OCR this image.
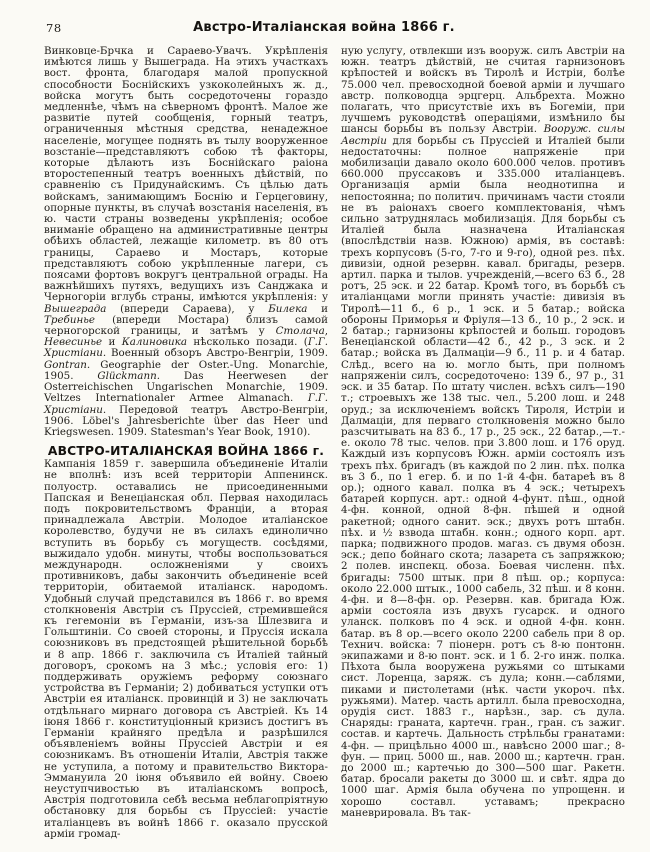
78	Австро-Италіанская война 1866 г.

Винковце-Брчка и Сараево-Увачъ. Укрѣпленія имѣются лишь у Вышеграда. На этихъ участкахъ вост. фронта, благодаря малой пропускной способности Боснійскихъ узкоколейныхъ ж. д., войска могутъ быть сосредоточены гораздо медленнѣе, чѣмъ на сѣверномъ фронтѣ. Малое же развитіе путей сообщенія, горный театръ, ограниченныя мѣстныя средства, ненадежное населеніе, могущее поднять въ тылу вооруженное возстаніе—представляютъ собою тѣ факторы, которые дѣлаютъ изъ Боснійскаго раіона второстепенный театръ военныхъ дѣйствій, по сравненію съ Придунайскимъ. Съ цѣлью дать войскамъ, занимающимъ Боснію и Герцеговину, опорные пункты, въ случаѣ возстанія населенія, въ ю. части страны возведены укрѣпленія; особое вниманіе обращено на административные центры обѣихъ областей, лежащіе километр. въ 80 отъ границы, Сараево и Мостаръ, которые представляютъ собою укрѣпленные лагери, съ поясами фортовъ вокругъ центральной ограды. На важнѣйшихъ путяхъ, ведущихъ изъ Санджака и Черногоріи вглубь страны, имѣются укрѣпленія: у Вышеграда (впереди Сараева), у Билека и Требинье (впереди Мостара) близъ самой черногорской границы, и затѣмъ у Столача, Невесинье и Калиновика нѣсколько позади. (Г.Г. Христіани. Военный обзоръ Австро-Венгріи, 1909. Gontran. Geographie der Oster.-Ung. Monarchie, 1905. Glückmann. Das Heerwesen der Osterreichischen Ungarischen Monarchie, 1909. Veltzes Internationaler Armee Almanach. Г.Г. Христіани. Передовой театръ Австро-Венгріи, 1906. Löbel's Jahresberichte über das Heer und Kriegswesen. 1909. Statesman's Year Book, 1910).

АВСТРО-ИТАЛІАНСКАЯ ВОЙНА 1866 г.

Кампанія 1859 г. завершила объединеніе Италіи не вполнѣ: изъ всей территоріи Аппенинск. полуостр. оставались не присоединенными Папская и Венеціанская обл. Первая находилась подъ покровительствомъ Франціи, а вторая принадлежала Австріи. Молодое италіанское королевство, будучи не въ силахъ единолично вступить въ борьбу съ могуществ. сосѣдями, выжидало удобн. минуты, чтобы воспользоваться международн. осложненіями у своихъ противниковъ, дабы закончить объединеніе всей территоріи, обитаемой италіанск. народомъ. Удобный случай представился въ 1866 г. во время столкновенія Австріи съ Пруссіей, стремившейся къ гегемоніи въ Германіи, изъ-за Шлезвига и Гольштиніи. Со своей стороны, и Пруссія искала союзниковъ въ предстоящей рѣшительной борьбѣ и 8 апр. 1866 г. заключила съ Италіей тайный договоръ, срокомъ на 3 мѣс.; условія его: 1) поддерживать оружіемъ реформу союзнаго устройства въ Германіи; 2) добиваться уступки отъ Австріи ея италіанск. провинцій и 3) не заключать отдѣльнаго мирнаго договора съ Австріей. Къ 14 іюня 1866 г. конституціонный кризисъ достигъ въ Германіи крайняго предѣла и разрѣшился объявленіемъ войны Пруссіей Австріи и ея союзникамъ. Въ отношеніи Италіи, Австрія также не уступила, а потому и правительство Виктора-Эммануила 20 іюня объявило ей войну. Своею неуступчивостью въ италіанскомъ вопросѣ, Австрія подготовила себѣ весьма неблагопріятную обстановку для борьбы съ Пруссіей: участіе италіанцевъ въ войнѣ 1866 г. оказало прусской арміи громад-

ную услугу, отвлекши изъ вооруж. силъ Австріи на южн. театръ дѣйствій, не считая гарнизоновъ крѣпостей и войскъ въ Тиролѣ и Истріи, болѣе 75.000 чел. превосходной боевой арміи и лучшаго австр. полководца эрцгерц. Альбрехта. Можно полагать, что присутствіе ихъ въ Богеміи, при лучшемъ руководствѣ операціями, измѣнило бы шансы борьбы въ пользу Австріи. Вооруж. силы Австріи для борьбы съ Пруссіей и Италіей были недостаточны: полное напряженіе при мобилизаціи давало около 600.000 челов. противъ 660.000 пруссаковъ и 335.000 италіанцевъ. Организація арміи была неоднотипна и непостоянна; по политич. причинамъ части стояли не въ раіонахъ своего комплектованія, чѣмъ сильно затруднялась мобилизація. Для борьбы съ Италіей была назначена Италіанская (впослѣдствіи назв. Южною) армія, въ составѣ: трехъ корпусовъ (5-го, 7-го и 9-го), одной рез. пѣх. дивизіи, одной резервн. кавал. бригады, резерв. артил. парка и тылов. учрежденій,—всего 63 б., 28 ротъ, 25 эск. и 22 батар. Кромѣ того, въ борьбѣ съ италіанцами могли принять участіе: дивизія въ Тиролѣ—11 б., 6 р., 1 эск. и 5 батар.; войска обороны Приморья и Фріуля—13 б., 10 р., 2 эск. и 2 батар.; гарнизоны крѣпостей и больш. городовъ Венеціанской области—42 б., 42 р., 3 эск. и 2 батар.; войска въ Далмаціи—9 б., 11 р. и 4 батар. Слѣд., всего на ю. могло быть, при полномъ напряженіи силъ, сосредоточено: 139 б., 97 р., 31 эск. и 35 батар. По штату числен. всѣхъ силъ—190 т.; строевыхъ же 138 тыс. чел., 5.200 лош. и 248 оруд.; за исключеніемъ войскъ Тироля, Истріи и Далмаціи, для перваго столкновенія можно было разсчитывать на 83 б., 17 р., 25 эск., 22 батар.,—т.-е. около 78 тыс. челов. при 3.800 лош. и 176 оруд. Каждый изъ корпусовъ Южн. арміи состоялъ изъ трехъ пѣх. бригадъ (въ каждой по 2 лин. пѣх. полка въ 3 б., по 1 егер. б. и по 1-й 4-фн. батареѣ въ 8 ор.); одного кавал. полка въ 4 эск.; четырехъ батарей корпусн. арт.: одной 4-фунт. пѣш., одной 4-фн. конной, одной 8-фн. пѣшей и одной ракетной; одного санит. эск.; двухъ ротъ штабн. пѣх. и ½ взвода штабн. конн.; одного корп. арт. парка; подвижного продов. магаз. съ двумя обозн. эск.; депо бойнаго скота; лазарета съ запряжкою; 2 полев. инспекц. обоза. Боевая численн. пѣх. бригады: 7500 штык. при 8 пѣш. ор.; корпуса: около 22.000 штык., 1000 сабель, 32 пѣш. и 8 конн. 4-фн. и 8—8-фн. ор. Резервн. кав. бригада Юж. арміи состояла изъ двухъ гусарск. и одного уланск. полковъ по 4 эск. и одной 4-фн. конн. батар. въ 8 ор.—всего около 2200 сабель при 8 ор. Технич. войска: 7 піонерн. ротъ съ 8-ю понтонн. экипажами и 8-ю понт. эск. и 1 б. 2-го инж. полка. Пѣхота была вооружена ружьями со штыками сист. Лоренца, заряж. съ дула; конн.—саблями, пиками и пистолетами (нѣк. части укороч. пѣх. ружьями). Матер. часть артилл. была превосходна, орудія сист. 1883 г., нарѣзн., зар. съ дула. Снаряды: граната, картечн. гран., гран. съ зажиг. состав. и картечь. Дальность стрѣльбы гранатами: 4-фн. — прицѣльно 4000 ш., навѣсно 2000 шаг.; 8-фун. — приц. 5000 ш., нав. 2000 ш.; картечн. гран. до 2000 ш.; картечью до 300—500 шаг. Ракетн. батар. бросали ракеты до 3000 ш. и свѣт. ядра до 1000 шаг. Армія была обучена по упрощенн. и хорошо составл. уставамъ; прекрасно маневрировала. Въ так-
